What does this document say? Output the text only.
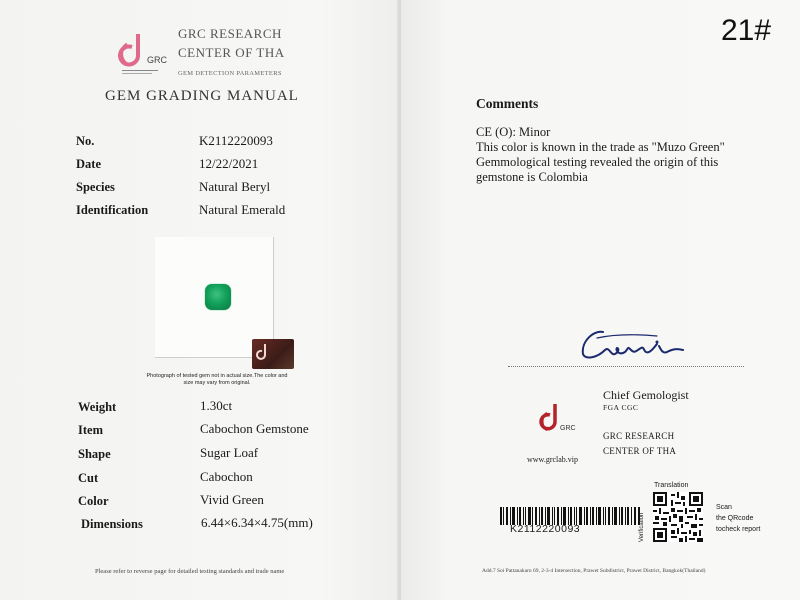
GRC
GRC RESEARCH
CENTER OF THA
GEM DETECTION PARAMETERS
GEM GRADING MANUAL
No.	K2112220093
Date	12/22/2021
Species	Natural Beryl
Identification	Natural Emerald
Photograph of tested gem not in actual size.The color and size may vary from original.
Weight	1.30ct
Item	Cabochon Gemstone
Shape	Sugar Loaf
Cut	Cabochon
Color	Vivid Green
Dimensions	6.44×6.34×4.75(mm)
Please refer to reverse page for detailed testing standards and trade name
21#
Comments
CE (O): Minor
This color is known in the trade as "Muzo Green"
Gemmological testing revealed the origin of this
gemstone is Colombia
GRC
www.grclab.vip
Chief Gemologist
FGA CGC
GRC RESEARCH
CENTER OF THA
K2112220093
Translation
Verification
Scan
the QRcode
tocheck report
Add.7 Soi Pattanakarn 69, 2-3-4 Intersection, Prawet Subdistrict, Prawet District, Bangkok(Thailand)
